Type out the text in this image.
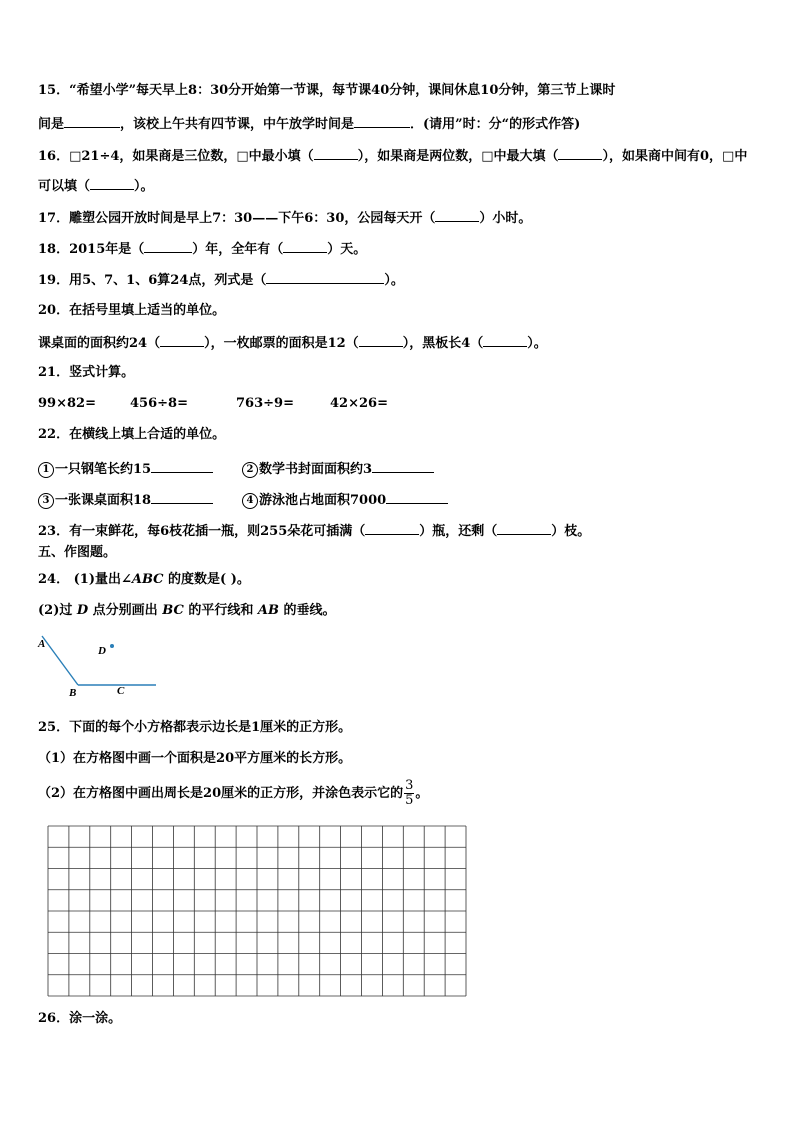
15．“希望小学”每天早上8：30分开始第一节课，每节课40分钟，课间休息10分钟，第三节上课时
间是	，该校上午共有四节课，中午放学时间是	．(请用”时：分“的形式作答)
16．□21÷4，如果商是三位数，□中最小填（	），如果商是两位数，□中最大填（	），如果商中间有0，□中
可以填（	）。
17．雕塑公园开放时间是早上7：30——下午6：30，公园每天开（	）小时。
18．2015年是（	）年，全年有（	）天。
19．用5、7、1、6算24点，列式是（	）。
20．在括号里填上适当的单位。
课桌面的面积约24（	），一枚邮票的面积是12（	），黑板长4（	）。
21．竖式计算。
99×82=	456÷8=	763÷9=	42×26=
22．在横线上填上合适的单位。
1 一只钢笔长约15	2 数学书封面面积约3
3 一张课桌面积18	4 游泳池占地面积7000
23．有一束鲜花，每6枝花插一瓶，则255朵花可插满（	）瓶，还剩（	）枝。
五、作图题。
24． (1)量出∠ABC 的度数是( )。
(2)过 D 点分别画出 BC 的平行线和 AB 的垂线。
A
B	C
D
25．下面的每个小方格都表示边长是1厘米的正方形。
（1）在方格图中画一个面积是20平方厘米的长方形。
（2）在方格图中画出周长是20厘米的正方形，并涂色表示它的 $\frac{3}{5}$ 。
26．涂一涂。
